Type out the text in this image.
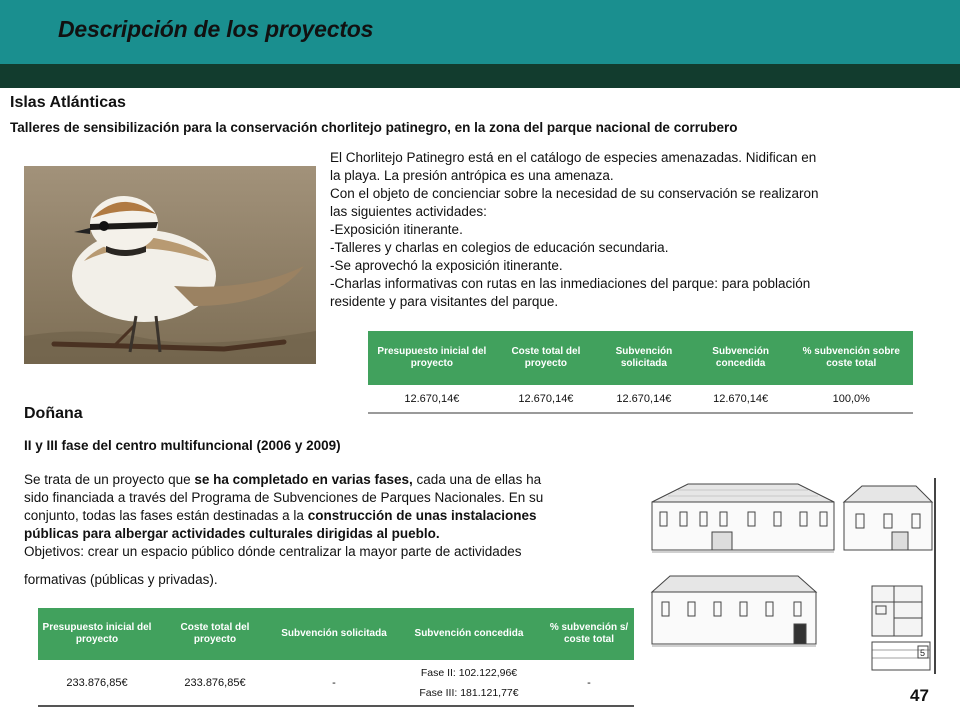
Descripción de los proyectos
Islas Atlánticas
Talleres de sensibilización para la conservación chorlitejo patinegro, en la zona del parque nacional de corrubero
El Chorlitejo Patinegro está en el catálogo de especies amenazadas. Nidifican en
la playa. La presión antrópica es una amenaza.
Con el objeto de concienciar sobre la necesidad de su conservación se realizaron
las siguientes actividades:
-Exposición itinerante.
-Talleres y charlas en colegios de educación secundaria.
-Se aprovechó la exposición itinerante.
-Charlas informativas con rutas en las inmediaciones del parque: para población
residente y para visitantes del parque.
Presupuesto inicial del proyecto	Coste total del proyecto	Subvención solicitada	Subvención concedida	% subvención sobre coste total
12.670,14€	12.670,14€	12.670,14€	12.670,14€	100,0%
Doñana
II y III fase del centro multifuncional (2006 y 2009)
Se trata de un proyecto que se ha completado en varias fases, cada una de ellas ha
sido financiada a través del Programa de Subvenciones de Parques Nacionales. En su
conjunto, todas las fases están destinadas a la construcción de unas instalaciones
públicas para albergar actividades culturales dirigidas al pueblo.
Objetivos: crear un espacio público dónde centralizar la mayor parte de actividades
formativas (públicas y privadas).
5
Presupuesto inicial del proyecto	Coste total del proyecto	Subvención solicitada	Subvención concedida	% subvención s/ coste total
233.876,85€	233.876,85€	-	Fase II: 102.122,96€
Fase III: 181.121,77€	-
47
